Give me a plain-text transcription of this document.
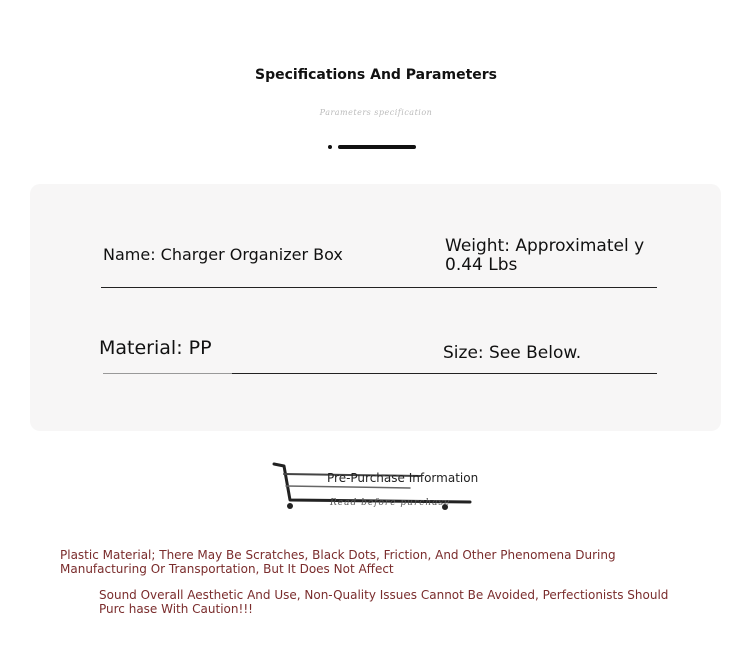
Specifications And Parameters
Parameters specification
Name: Charger Organizer Box	Weight: Approximatel y 0.44 Lbs
Material: PP	Size: See Below.
Pre-Purchase Information
Read before purchase
Plastic Material; There May Be Scratches, Black Dots, Friction, And Other Phenomena During Manufacturing Or Transportation, But It Does Not Affect
Sound Overall Aesthetic And Use, Non-Quality Issues Cannot Be Avoided, Perfectionists Should Purc hase With Caution!!!
